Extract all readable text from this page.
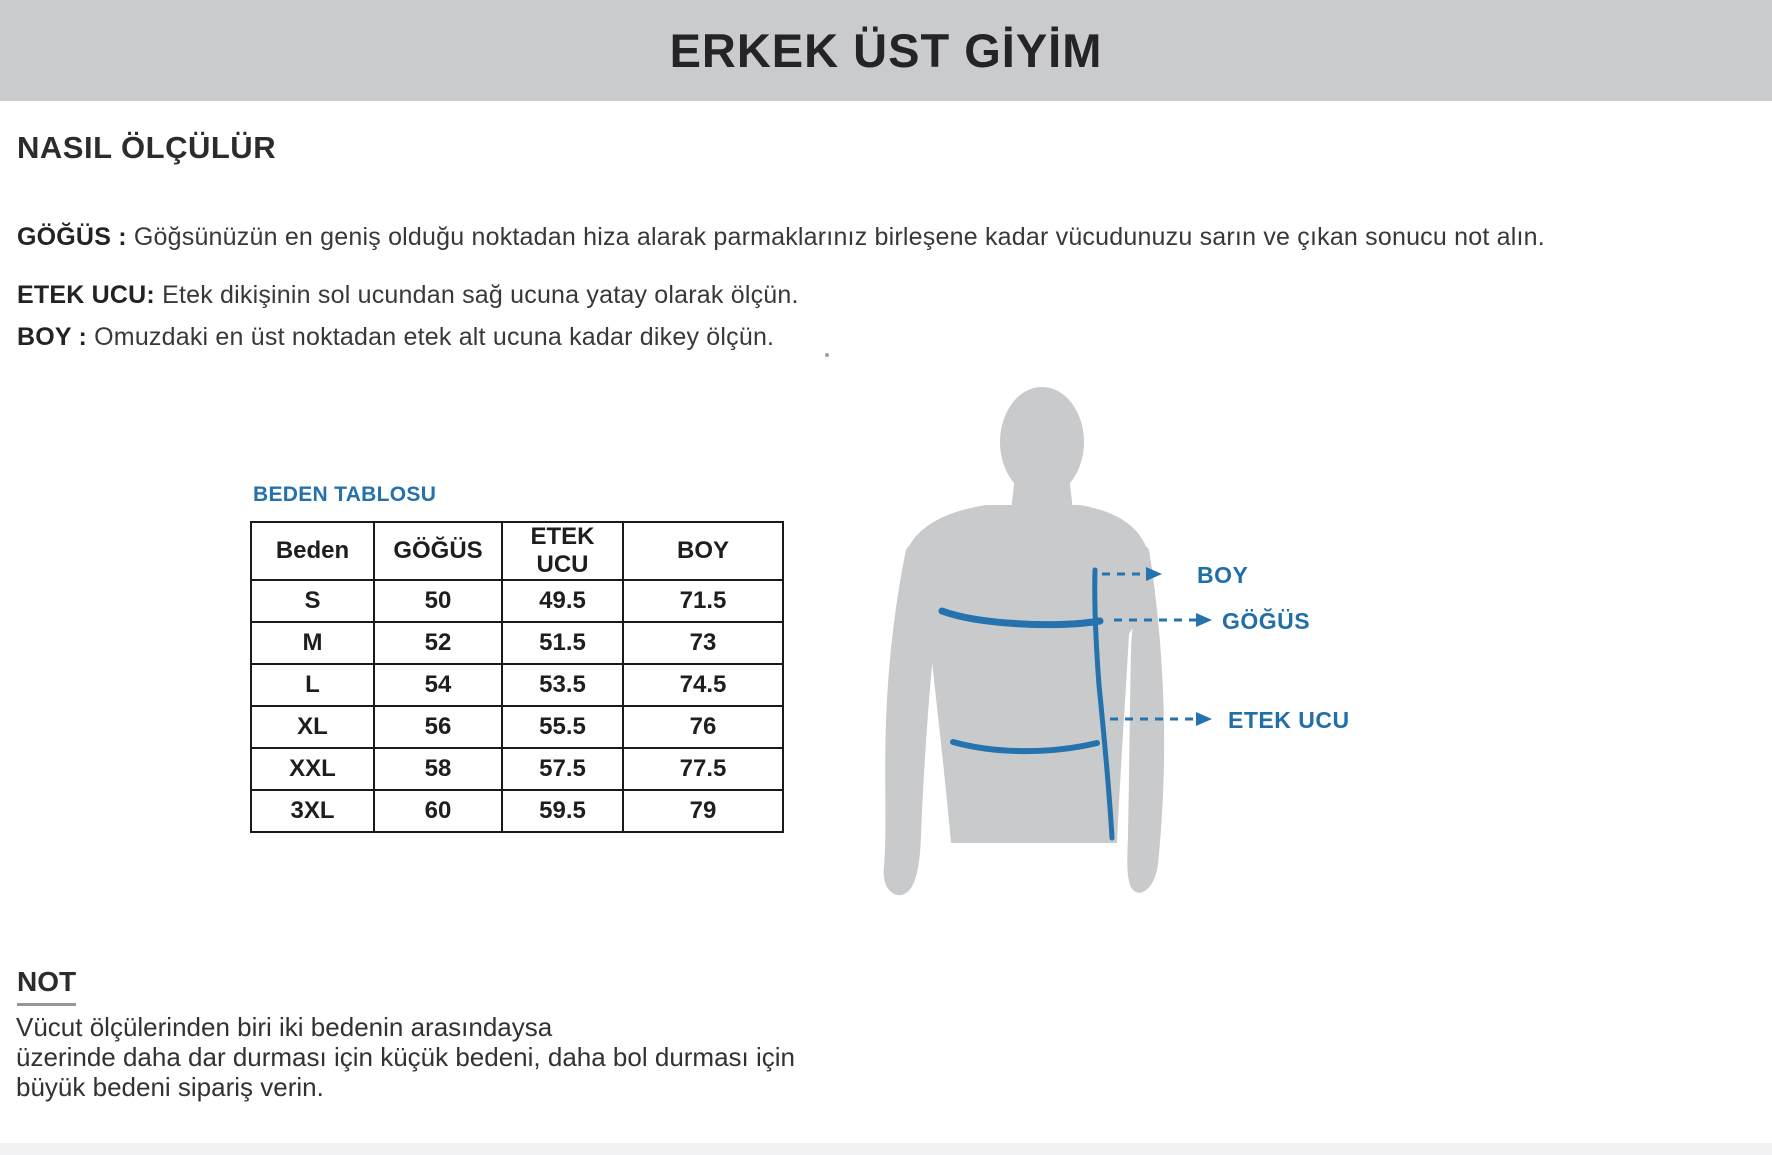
ERKEK ÜST GİYİM
NASIL ÖLÇÜLÜR

GÖĞÜS : Göğsünüzün en geniş olduğu noktadan hiza alarak parmaklarınız birleşene kadar vücudunuzu sarın ve çıkan sonucu not alın.

ETEK UCU: Etek dikişinin sol ucundan sağ ucuna yatay olarak ölçün.

BOY : Omuzdaki en üst noktadan etek alt ucuna kadar dikey ölçün.

BEDEN TABLOSU
Beden	GÖĞÜS	ETEK UCU	BOY
S	50	49.5	71.5
M	52	51.5	73
L	54	53.5	74.5
XL	56	55.5	76
XXL	58	57.5	77.5
3XL	60	59.5	79
BOY
GÖĞÜS
ETEK UCU
NOT
Vücut ölçülerinden biri iki bedenin arasındaysa
üzerinde daha dar durması için küçük bedeni, daha bol durması için
büyük bedeni sipariş verin.
